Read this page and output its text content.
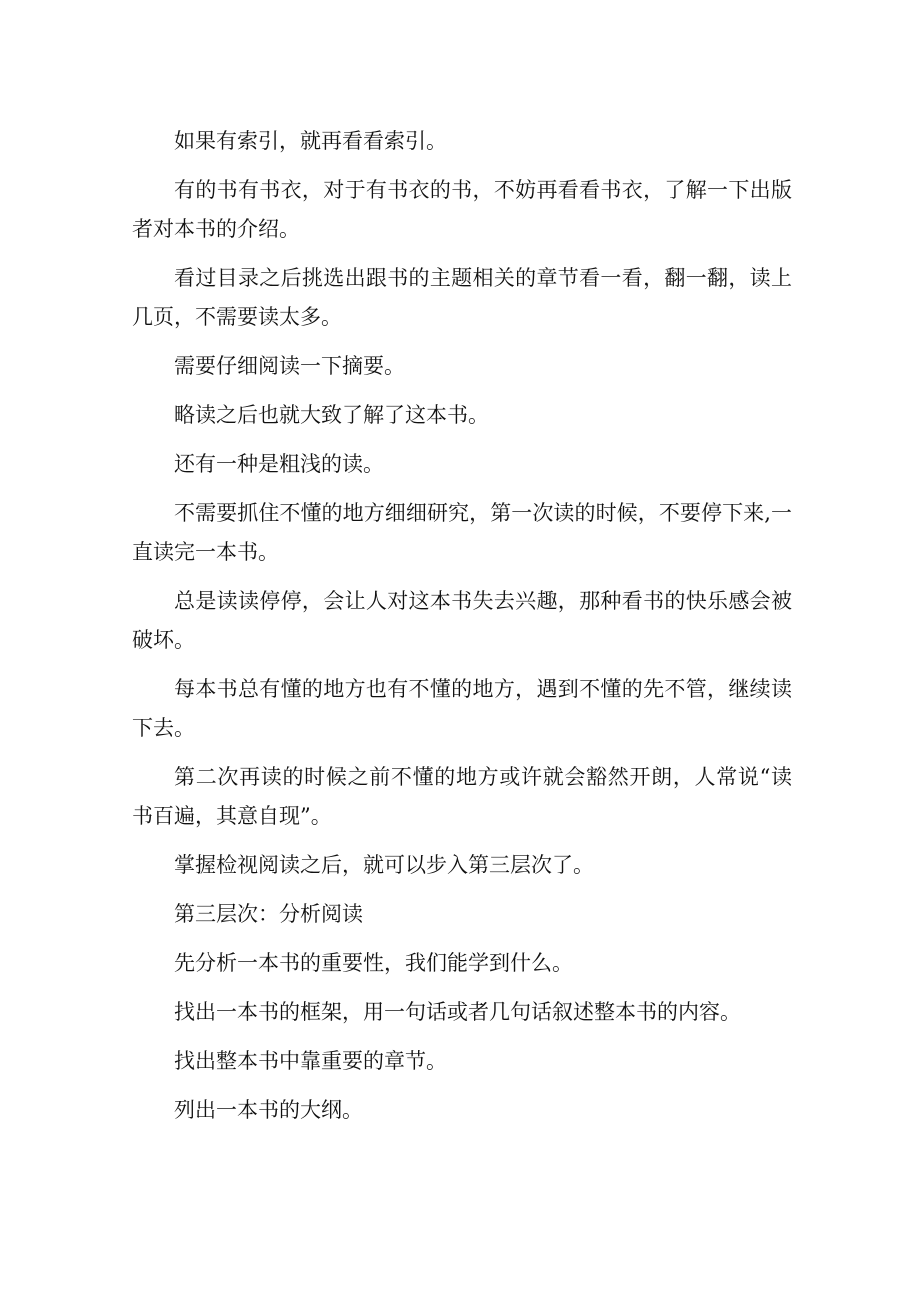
如果有索引，就再看看索引。

有的书有书衣，对于有书衣的书，不妨再看看书衣，了解一下出版者对本书的介绍。

看过目录之后挑选出跟书的主题相关的章节看一看，翻一翻，读上几页，不需要读太多。

需要仔细阅读一下摘要。

略读之后也就大致了解了这本书。

还有一种是粗浅的读。

不需要抓住不懂的地方细细研究，第一次读的时候，不要停下来,一直读完一本书。

总是读读停停，会让人对这本书失去兴趣，那种看书的快乐感会被破坏。

每本书总有懂的地方也有不懂的地方，遇到不懂的先不管，继续读下去。

第二次再读的时候之前不懂的地方或许就会豁然开朗，人常说“读书百遍，其意自现”。

掌握检视阅读之后，就可以步入第三层次了。

第三层次：分析阅读

先分析一本书的重要性，我们能学到什么。

找出一本书的框架，用一句话或者几句话叙述整本书的内容。

找出整本书中靠重要的章节。

列出一本书的大纲。
